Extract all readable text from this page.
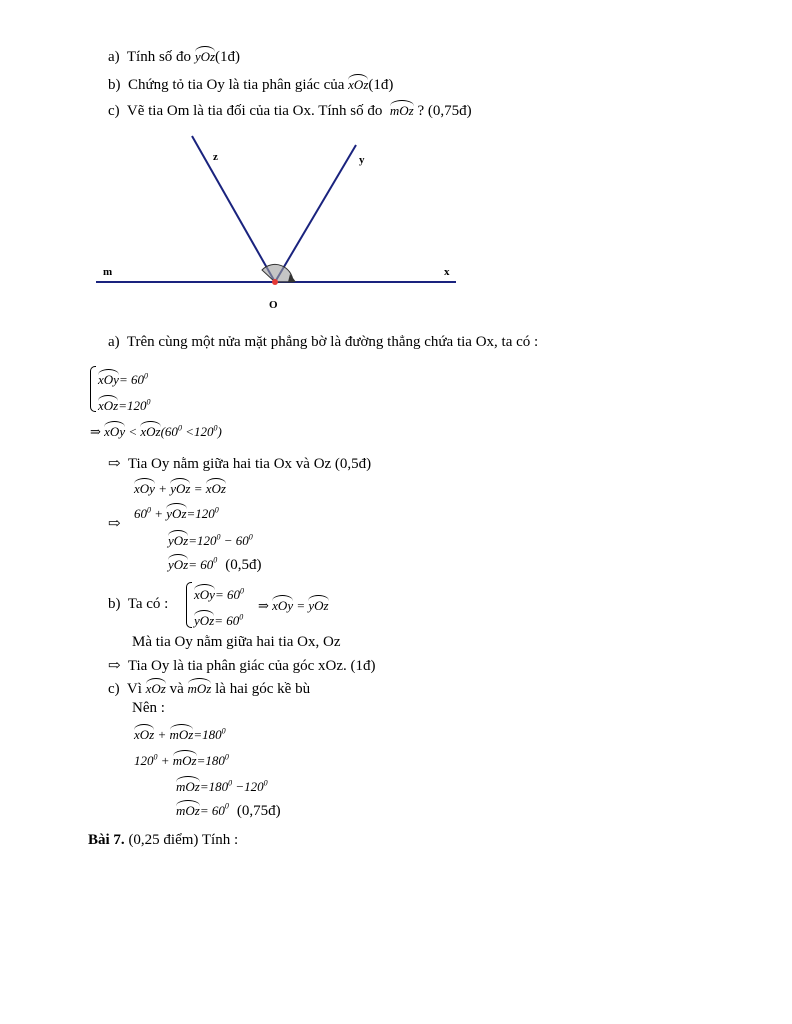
a) Tính số đo yOz(1đ)
b) Chứng tỏ tia Oy là tia phân giác của xOz(1đ)
c) Vẽ tia Om là tia đối của tia Ox. Tính số đo mOz ? (0,75đ)
z	y
m	x
O
a) Trên cùng một nửa mặt phẳng bờ là đường thẳng chứa tia Ox, ta có :
$xOy= 60^0$
$xOz=120^0$
⇒ xOy < $xOz(60^0 <120^0)$
⇨ Tia Oy nằm giữa hai tia Ox và Oz (0,5đ)
xOy + yOz = xOz
⇨
$60^0 + yOz=120^0$
$yOz=120^0 - 60^0$
$yOz= 60^0$ (0,5đ)
b) Ta có :
$xOy= 60^0$
$yOz= 60^0$
⇒ xOy = yOz
Mà tia Oy nằm giữa hai tia Ox, Oz
⇨ Tia Oy là tia phân giác của góc xOz. (1đ)
c) Vì xOz và mOz là hai góc kề bù
Nên :
xOz + $mOz=180^0$
$120^0 + mOz=180^0$
$mOz=180^0 -120^0$
$mOz= 60^0$ (0,75đ)
Bài 7. (0,25 điểm) Tính :
